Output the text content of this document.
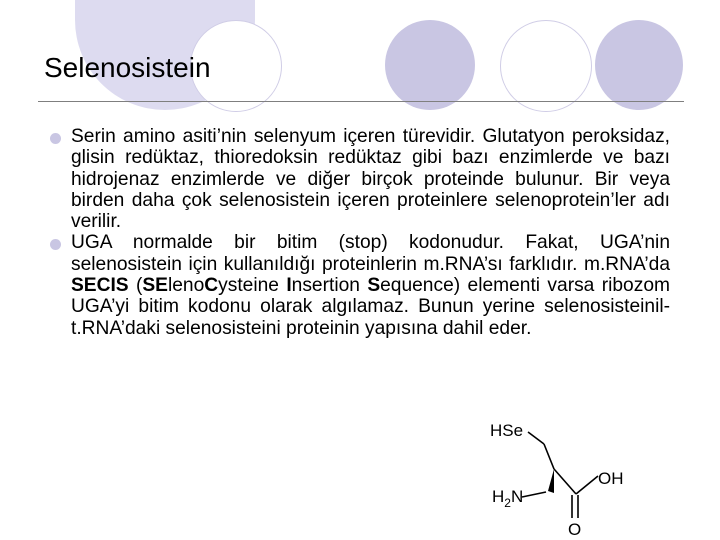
Selenosistein

Serin amino asiti’nin selenyum içeren türevidir. Glutatyon peroksidaz, glisin redüktaz, thioredoksin redüktaz gibi bazı enzimlerde ve bazı hidrojenaz enzimlerde ve diğer birçok proteinde bulunur. Bir veya birden daha çok selenosistein içeren proteinlere selenoprotein’ler adı verilir.

UGA normalde bir bitim (stop) kodonudur. Fakat, UGA’nin selenosistein için kullanıldığı proteinlerin m.RNA’sı farklıdır. m.RNA’da SECIS (SElenoCysteine Insertion Sequence) elementi varsa ribozom UGA’yi bitim kodonu olarak algılamaz. Bunun yerine selenosisteinil-t.RNA’daki selenosisteini proteinin yapısına dahil eder.

HSe
OH
$H_2N$
O
